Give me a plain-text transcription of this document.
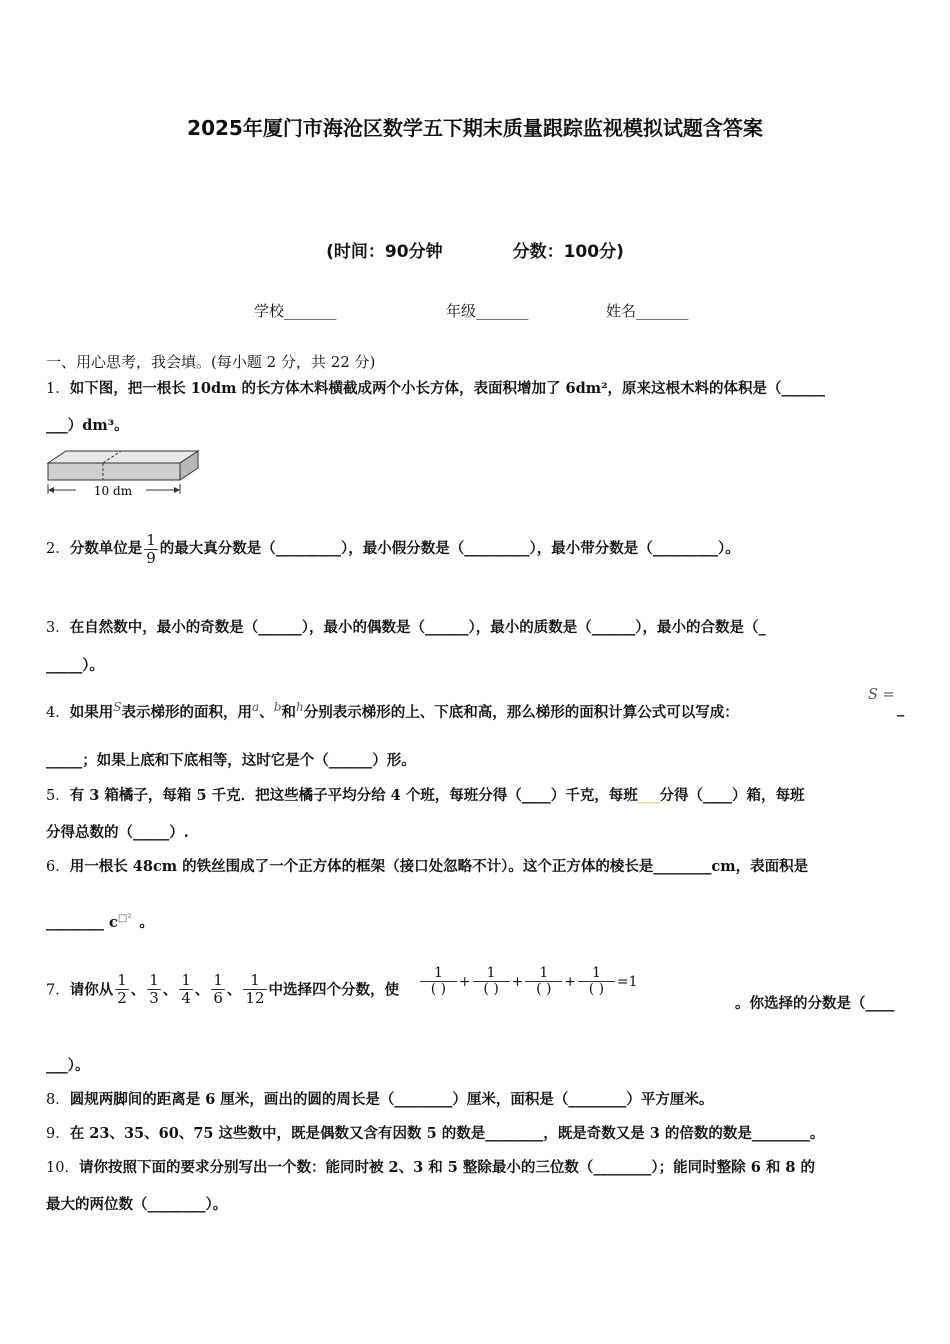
2025年厦门市海沧区数学五下期末质量跟踪监视模拟试题含答案
(时间：90分钟	分数：100分)
学校_______	年级_______	姓名_______
一、用心思考，我会填。(每小题 2 分，共 22 分)
1．如下图，把一根长 10dm 的长方体木料横截成两个小长方体，表面积增加了 6dm²，原来这根木料的体积是（______
___）dm³。
10 dm
2．分数单位是 $\frac{1}{9}$ 的最大真分数是（_________），最小假分数是（_________），最小带分数是（_________）。
3．在自然数中，最小的奇数是（______），最小的偶数是（______），最小的质数是（______），最小的合数是（_
_____）。
4．如果用$^S$表示梯形的面积，用$^a$、$^b$和$^h$分别表示梯形的上、下底和高，那么梯形的面积计算公式可以写成：
S =
_
_____；如果上底和下底相等，这时它是个（______）形。
5．有 3 箱橘子，每箱 5 千克．把这些橘子平均分给 4 个班，每班分得（____）千克，每班___分得（____）箱，每班
分得总数的（_____）.
6．用一根长 48cm 的铁丝围成了一个正方体的框架（接口处忽略不计）。这个正方体的棱长是________cm，表面积是
________ $c^{□^2}$ 。
7．请你从 $\frac{1}{2}$ 、 $\frac{1}{3}$ 、 $\frac{1}{4}$ 、 $\frac{1}{6}$ 、 $\frac{1}{12}$ 中选择四个分数，使 $\frac{1}{( )} + \frac{1}{( )} + \frac{1}{( )} + \frac{1}{( )} =1$
。你选择的分数是（____
___）。
8．圆规两脚间的距离是 6 厘米，画出的圆的周长是（________）厘米，面积是（________）平方厘米。
9．在 23、35、60、75 这些数中，既是偶数又含有因数 5 的数是________，既是奇数又是 3 的倍数的数是________。
10．请你按照下面的要求分别写出一个数：能同时被 2、3 和 5 整除最小的三位数（________）；能同时整除 6 和 8 的
最大的两位数（________）。
